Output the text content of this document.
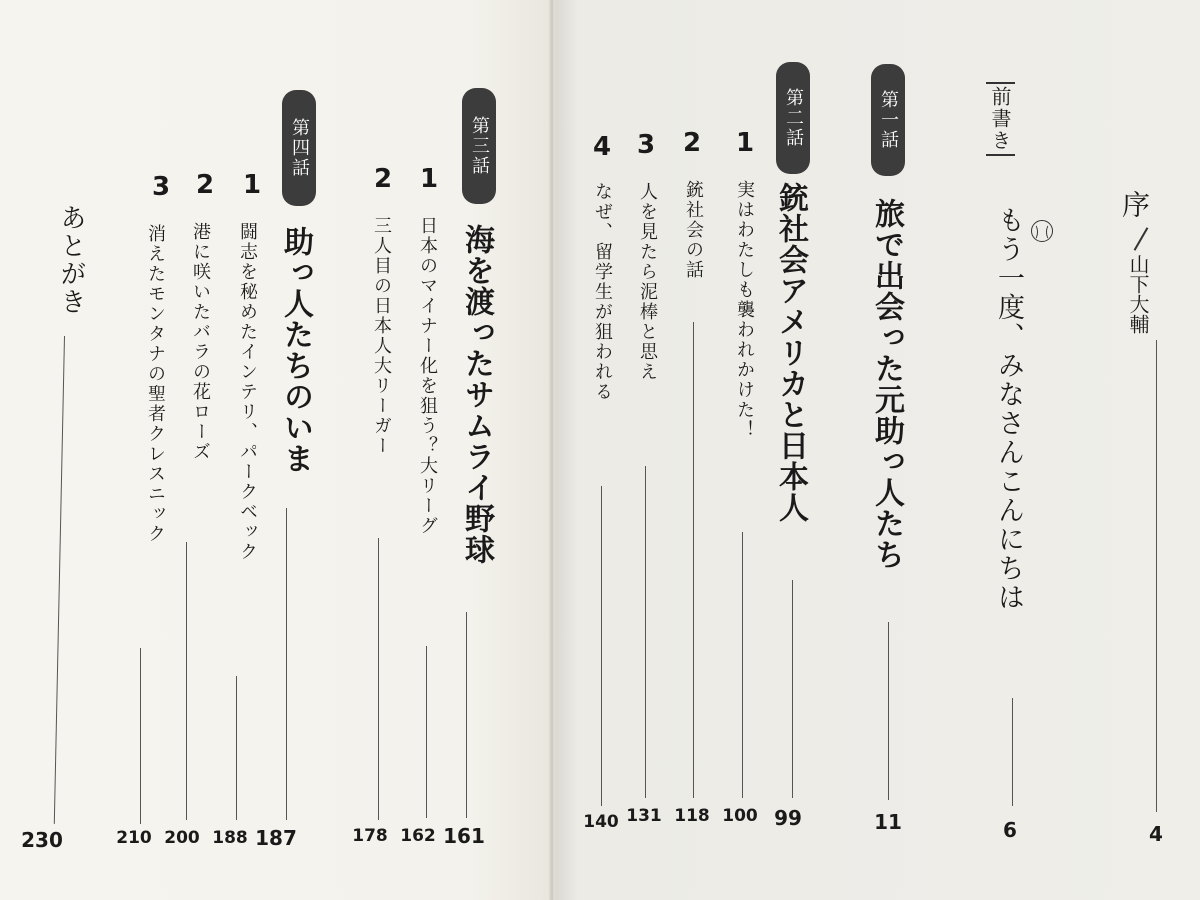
序
山下大輔
4
前書き
もう一度、みなさんこんにちは
6
第一話
旅で出会った元助っ人たち
11
第二話
銃社会アメリカと日本人
99
1
実はわたしも襲われかけた！
100
2
銃社会の話
118
3
人を見たら泥棒と思え
131
4
なぜ、留学生が狙われる
140
第三話
海を渡ったサムライ野球
161
1
日本のマイナー化を狙う？大リーグ
162
2
三人目の日本人大リーガー
178
第四話
助っ人たちのいま
187
1
闘志を秘めたインテリ、パークベック
188
2
港に咲いたバラの花ローズ
200
3
消えたモンタナの聖者クレスニック
210
あとがき
230
